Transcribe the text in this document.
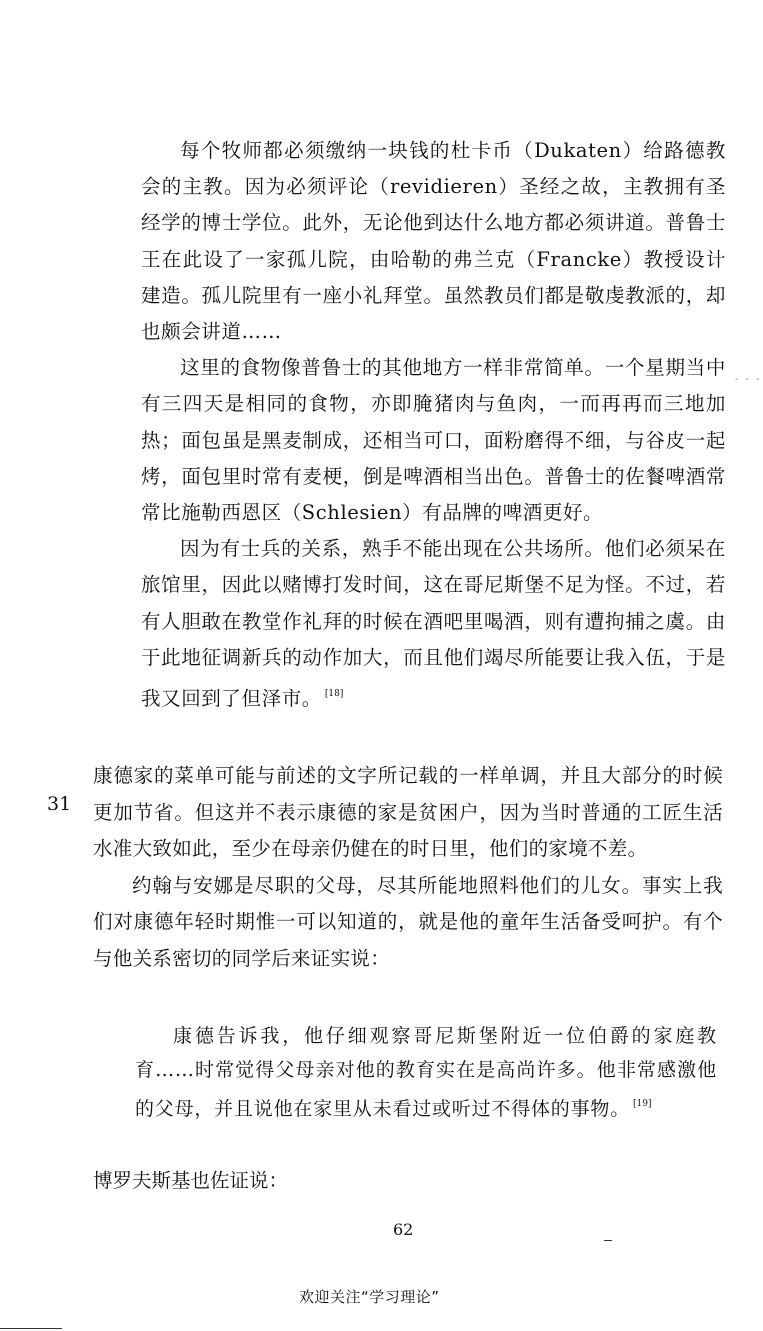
- - -

每个牧师都必须缴纳一块钱的杜卡币（Dukaten）给路德教会的主教。因为必须评论（revidieren）圣经之故，主教拥有圣经学的博士学位。此外，无论他到达什么地方都必须讲道。普鲁士王在此设了一家孤儿院，由哈勒的弗兰克（Francke）教授设计建造。孤儿院里有一座小礼拜堂。虽然教员们都是敬虔教派的，却也颇会讲道……

这里的食物像普鲁士的其他地方一样非常简单。一个星期当中有三四天是相同的食物，亦即腌猪肉与鱼肉，一而再再而三地加热；面包虽是黑麦制成，还相当可口，面粉磨得不细，与谷皮一起烤，面包里时常有麦梗，倒是啤酒相当出色。普鲁士的佐餐啤酒常常比施勒西恩区（Schlesien）有品牌的啤酒更好。

因为有士兵的关系，熟手不能出现在公共场所。他们必须呆在旅馆里，因此以赌博打发时间，这在哥尼斯堡不足为怪。不过，若有人胆敢在教堂作礼拜的时候在酒吧里喝酒，则有遭拘捕之虞。由于此地征调新兵的动作加大，而且他们竭尽所能要让我入伍，于是我又回到了但泽市。 [18]

31

康德家的菜单可能与前述的文字所记载的一样单调，并且大部分的时候更加节省。但这并不表示康德的家是贫困户，因为当时普通的工匠生活水准大致如此，至少在母亲仍健在的时日里，他们的家境不差。

约翰与安娜是尽职的父母，尽其所能地照料他们的儿女。事实上我们对康德年轻时期惟一可以知道的，就是他的童年生活备受呵护。有个与他关系密切的同学后来证实说：

康德告诉我，他仔细观察哥尼斯堡附近一位伯爵的家庭教育……时常觉得父母亲对他的教育实在是高尚许多。他非常感激他的父母，并且说他在家里从未看过或听过不得体的事物。 [19]

博罗夫斯基也佐证说：

62
欢迎关注“学习理论”
